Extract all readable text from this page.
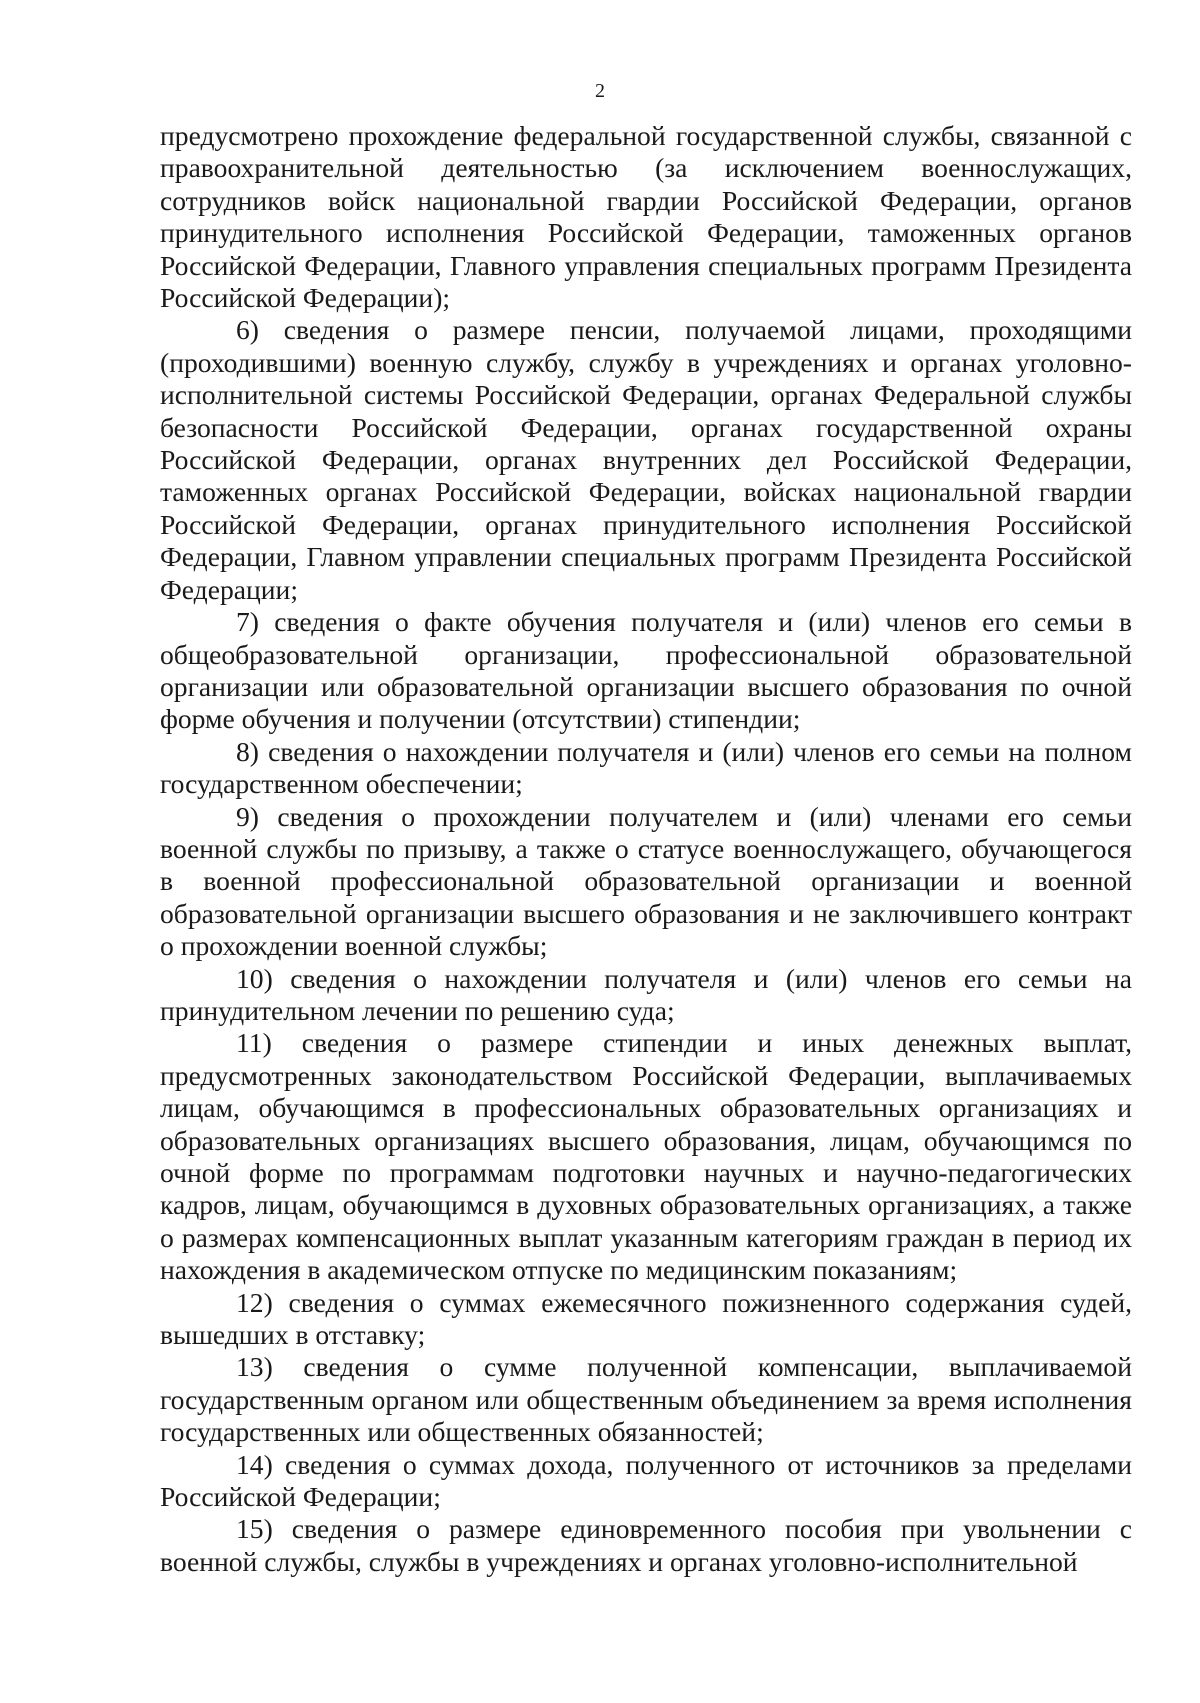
2

предусмотрено прохождение федеральной государственной службы, связанной с правоохранительной деятельностью (за исключением военнослужащих, сотрудников войск национальной гвардии Российской Федерации, органов принудительного исполнения Российской Федерации, таможенных органов Российской Федерации, Главного управления специальных программ Президента Российской Федерации);

6) сведения о размере пенсии, получаемой лицами, проходящими (проходившими) военную службу, службу в учреждениях и органах уголовно-исполнительной системы Российской Федерации, органах Федеральной службы безопасности Российской Федерации, органах государственной охраны Российской Федерации, органах внутренних дел Российской Федерации, таможенных органах Российской Федерации, войсках национальной гвардии Российской Федерации, органах принудительного исполнения Российской Федерации, Главном управлении специальных программ Президента Российской Федерации;

7) сведения о факте обучения получателя и (или) членов его семьи в общеобразовательной организации, профессиональной образовательной организации или образовательной организации высшего образования по очной форме обучения и получении (отсутствии) стипендии;

8) сведения о нахождении получателя и (или) членов его семьи на полном государственном обеспечении;

9) сведения о прохождении получателем и (или) членами его семьи военной службы по призыву, а также о статусе военнослужащего, обучающегося в военной профессиональной образовательной организации и военной образовательной организации высшего образования и не заключившего контракт о прохождении военной службы;

10) сведения о нахождении получателя и (или) членов его семьи на принудительном лечении по решению суда;

11) сведения о размере стипендии и иных денежных выплат, предусмотренных законодательством Российской Федерации, выплачиваемых лицам, обучающимся в профессиональных образовательных организациях и образовательных организациях высшего образования, лицам, обучающимся по очной форме по программам подготовки научных и научно-педагогических кадров, лицам, обучающимся в духовных образовательных организациях, а также о размерах компенсационных выплат указанным категориям граждан в период их нахождения в академическом отпуске по медицинским показаниям;

12) сведения о суммах ежемесячного пожизненного содержания судей, вышедших в отставку;

13) сведения о сумме полученной компенсации, выплачиваемой государственным органом или общественным объединением за время исполнения государственных или общественных обязанностей;

14) сведения о суммах дохода, полученного от источников за пределами Российской Федерации;

15) сведения о размере единовременного пособия при увольнении с военной службы, службы в учреждениях и органах уголовно-исполнительной
